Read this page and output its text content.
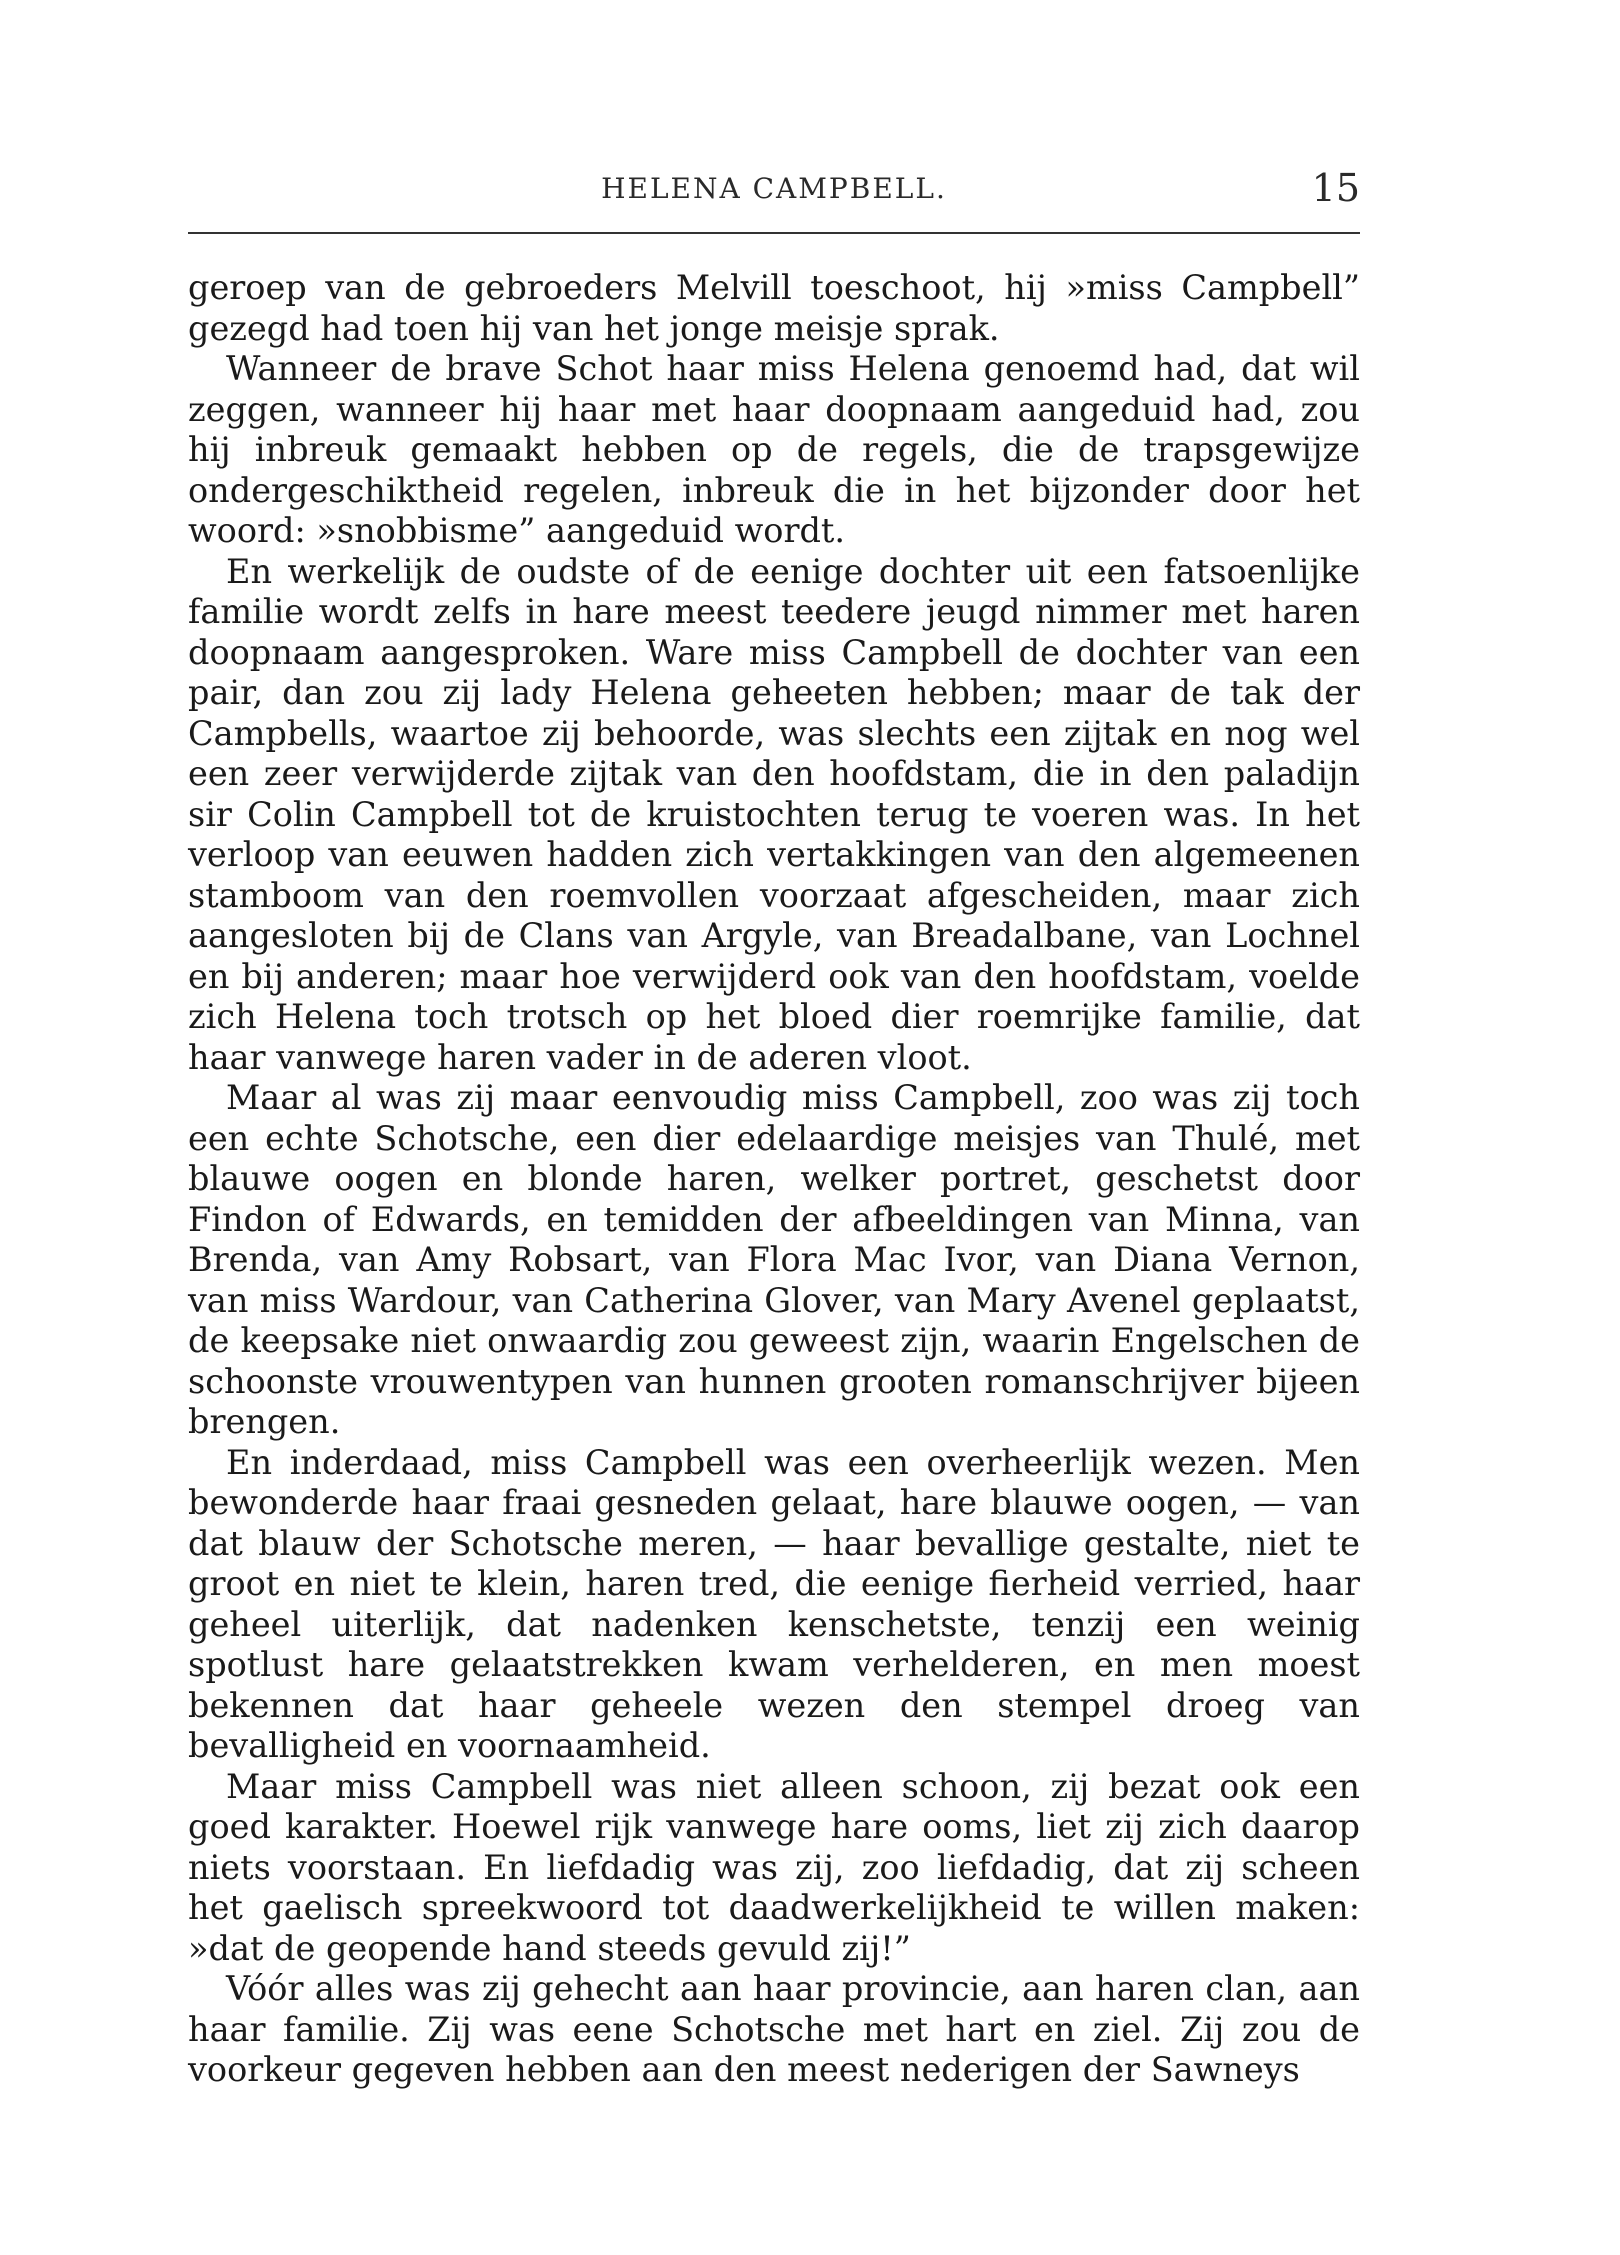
HELENA CAMPBELL.	15

geroep van de gebroeders Melvill toeschoot, hij »miss Campbell” gezegd had toen hij van het jonge meisje sprak.

Wanneer de brave Schot haar miss Helena genoemd had, dat wil zeggen, wanneer hij haar met haar doopnaam aangeduid had, zou hij inbreuk gemaakt hebben op de regels, die de trapsgewijze ondergeschiktheid regelen, inbreuk die in het bijzonder door het woord: »snobbisme” aangeduid wordt.

En werkelijk de oudste of de eenige dochter uit een fatsoenlijke familie wordt zelfs in hare meest teedere jeugd nimmer met haren doopnaam aangesproken. Ware miss Campbell de dochter van een pair, dan zou zij lady Helena geheeten hebben; maar de tak der Campbells, waartoe zij behoorde, was slechts een zijtak en nog wel een zeer verwijderde zijtak van den hoofdstam, die in den paladijn sir Colin Campbell tot de kruistochten terug te voeren was. In het verloop van eeuwen hadden zich vertakkingen van den algemeenen stamboom van den roemvollen voorzaat afgescheiden, maar zich aangesloten bij de Clans van Argyle, van Breadalbane, van Lochnel en bij anderen; maar hoe verwijderd ook van den hoofdstam, voelde zich Helena toch trotsch op het bloed dier roemrijke familie, dat haar vanwege haren vader in de aderen vloot.

Maar al was zij maar eenvoudig miss Campbell, zoo was zij toch een echte Schotsche, een dier edelaardige meisjes van Thulé, met blauwe oogen en blonde haren, welker portret, geschetst door Findon of Edwards, en temidden der afbeeldingen van Minna, van Brenda, van Amy Robsart, van Flora Mac Ivor, van Diana Vernon, van miss Wardour, van Catherina Glover, van Mary Avenel geplaatst, de keepsake niet onwaardig zou geweest zijn, waarin Engelschen de schoonste vrouwentypen van hunnen grooten romanschrijver bijeen brengen.

En inderdaad, miss Campbell was een overheerlijk wezen. Men bewonderde haar fraai gesneden gelaat, hare blauwe oogen, — van dat blauw der Schotsche meren, — haar bevallige gestalte, niet te groot en niet te klein, haren tred, die eenige fierheid verried, haar geheel uiterlijk, dat nadenken kenschetste, tenzij een weinig spotlust hare gelaatstrekken kwam verhelderen, en men moest bekennen dat haar geheele wezen den stempel droeg van bevalligheid en voornaamheid.

Maar miss Campbell was niet alleen schoon, zij bezat ook een goed karakter. Hoewel rijk vanwege hare ooms, liet zij zich daarop niets voorstaan. En liefdadig was zij, zoo liefdadig, dat zij scheen het gaelisch spreekwoord tot daadwerkelijkheid te willen maken: »dat de geopende hand steeds gevuld zij!”

Vóór alles was zij gehecht aan haar provincie, aan haren clan, aan haar familie. Zij was eene Schotsche met hart en ziel. Zij zou de voorkeur gegeven hebben aan den meest nederigen der Sawneys
